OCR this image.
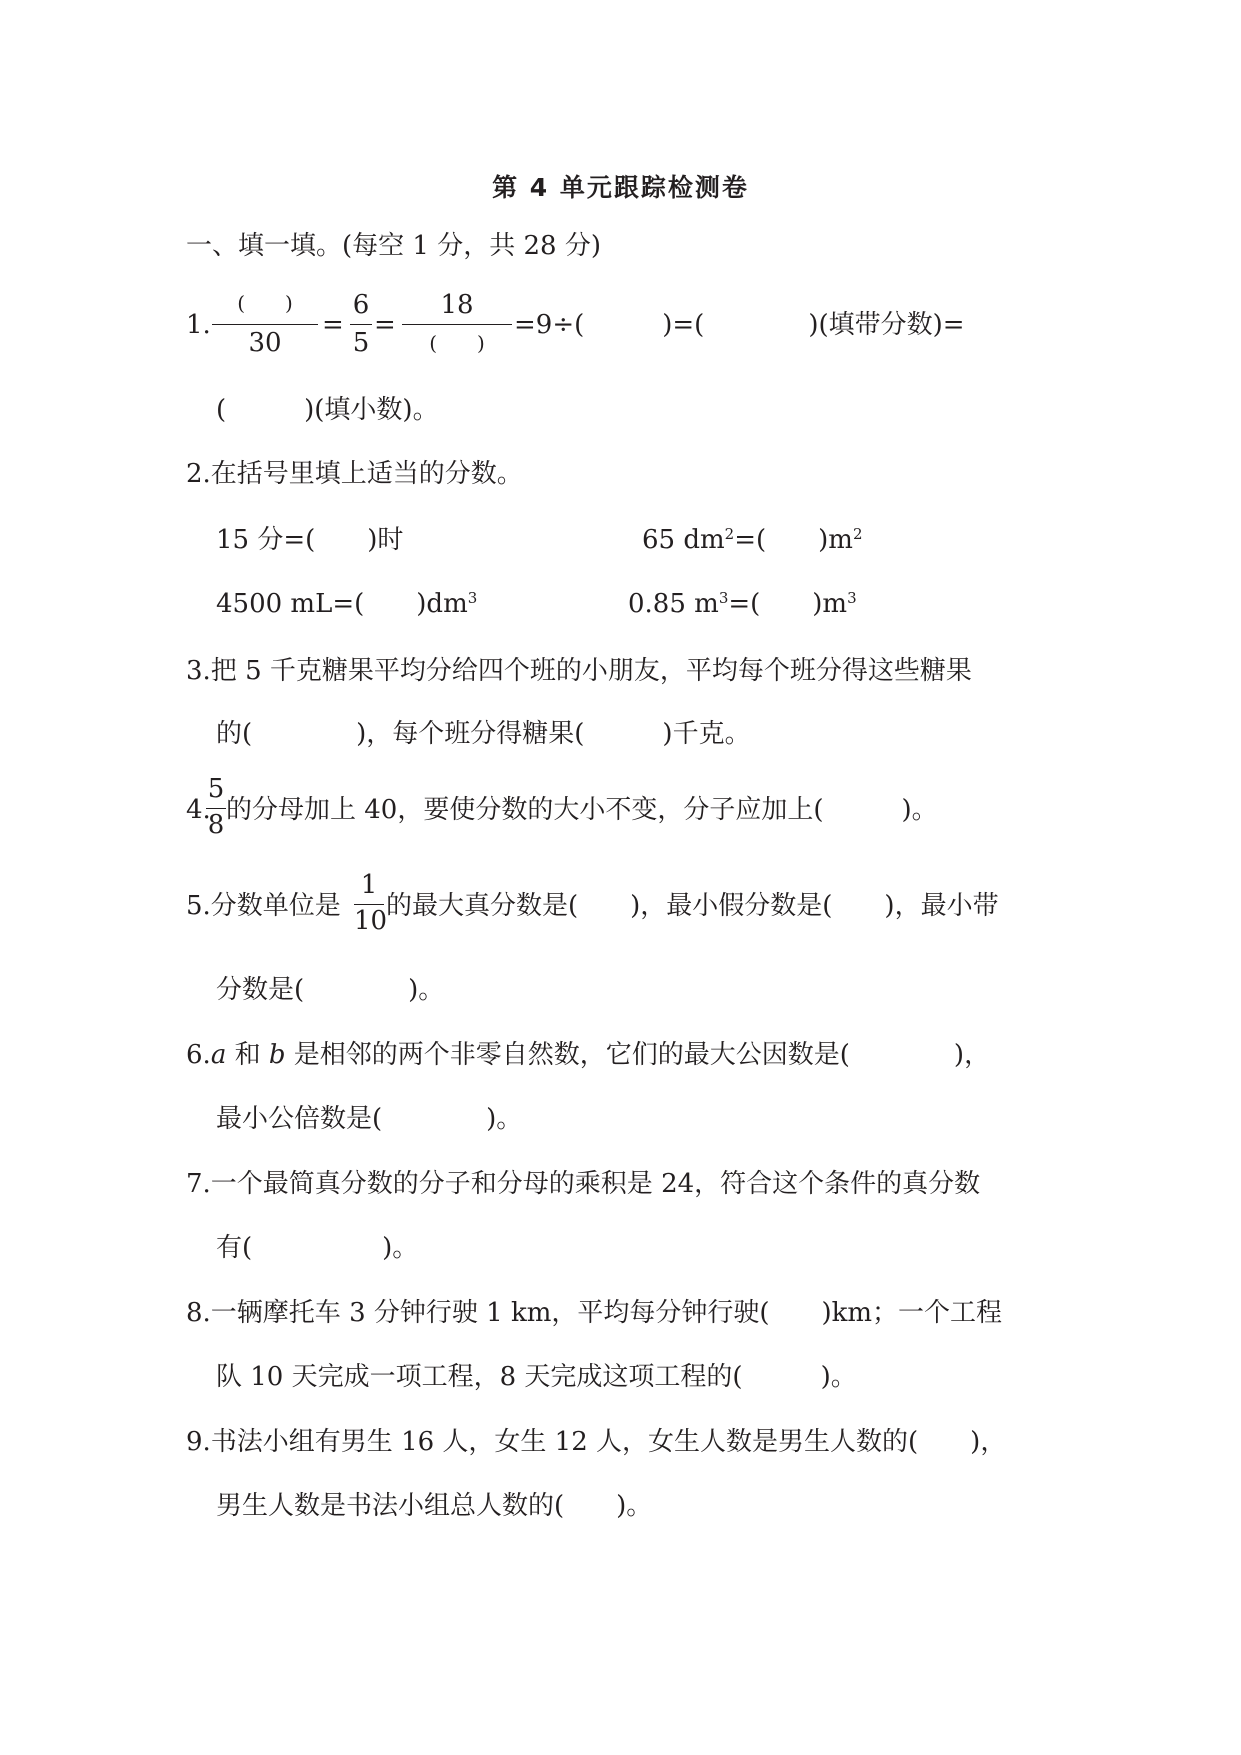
第 4 单元跟踪检测卷
一、填一填。(每空 1 分，共 28 分)
1.
(　　)
30
=
6
5
=
18
(　　)
=9÷(　　　)=(　　　　)(填带分数)=
(　　　)(填小数)。
2.在括号里填上适当的分数。
15 分=(　　)时	65 $dm^2=$(　　)$m^2$
4500 mL=(　　)$dm^3$	0.85 $m^3=$(　　)$m^3$
3.把 5 千克糖果平均分给四个班的小朋友，平均每个班分得这些糖果
的(　　　　)，每个班分得糖果(　　　)千克。
4.
5
8 的分母加上 40，要使分数的大小不变，分子应加上(　　　)。
5.分数单位是
1
10
的最大真分数是(　　)，最小假分数是(　　)，最小带
分数是(　　　　)。
6.a 和 b 是相邻的两个非零自然数，它们的最大公因数是(　　　　)，
最小公倍数是(　　　　)。
7.一个最简真分数的分子和分母的乘积是 24，符合这个条件的真分数
有(　　　　　)。
8.一辆摩托车 3 分钟行驶 1 km，平均每分钟行驶(　　)km；一个工程
队 10 天完成一项工程，8 天完成这项工程的(　　　)。
9.书法小组有男生 16 人，女生 12 人，女生人数是男生人数的(　　)，
男生人数是书法小组总人数的(　　)。
